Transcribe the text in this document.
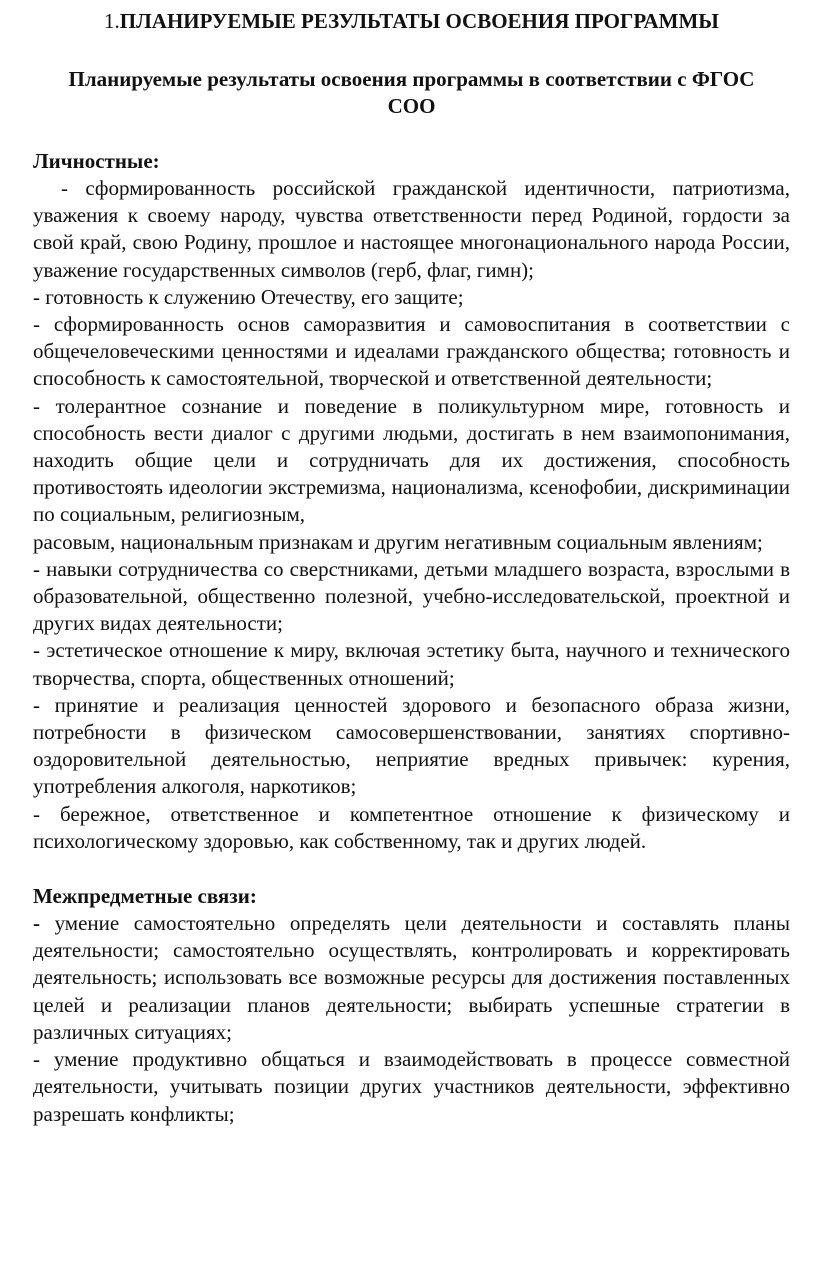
1.ПЛАНИРУЕМЫЕ РЕЗУЛЬТАТЫ ОСВОЕНИЯ ПРОГРАММЫ
Планируемые результаты освоения программы в соответствии с ФГОС СОО

Личностные:

- сформированность российской гражданской идентичности, патриотизма, уважения к своему народу, чувства ответственности перед Родиной, гордости за свой край, свою Родину, прошлое и настоящее многонационального народа России, уважение государственных символов (герб, флаг, гимн);

- готовность к служению Отечеству, его защите;

- сформированность основ саморазвития и самовоспитания в соответствии с общечеловеческими ценностями и идеалами гражданского общества; готовность и способность к самостоятельной, творческой и ответственной деятельности;

- толерантное сознание и поведение в поликультурном мире, готовность и способность вести диалог с другими людьми, достигать в нем взаимопонимания, находить общие цели и сотрудничать для их достижения, способность противостоять идеологии экстремизма, национализма, ксенофобии, дискриминации по социальным, религиозным,

расовым, национальным признакам и другим негативным социальным явлениям;

- навыки сотрудничества со сверстниками, детьми младшего возраста, взрослыми в образовательной, общественно полезной, учебно-исследовательской, проектной и других видах деятельности;

- эстетическое отношение к миру, включая эстетику быта, научного и технического творчества, спорта, общественных отношений;

- принятие и реализация ценностей здорового и безопасного образа жизни, потребности в физическом самосовершенствовании, занятиях спортивно-оздоровительной деятельностью, неприятие вредных привычек: курения, употребления алкоголя, наркотиков;

- бережное, ответственное и компетентное отношение к физическому и психологическому здоровью, как собственному, так и других людей.

Межпредметные связи:

- умение самостоятельно определять цели деятельности и составлять планы деятельности; самостоятельно осуществлять, контролировать и корректировать деятельность; использовать все возможные ресурсы для достижения поставленных целей и реализации планов деятельности; выбирать успешные стратегии в различных ситуациях;

- умение продуктивно общаться и взаимодействовать в процессе совместной деятельности, учитывать позиции других участников деятельности, эффективно разрешать конфликты;
